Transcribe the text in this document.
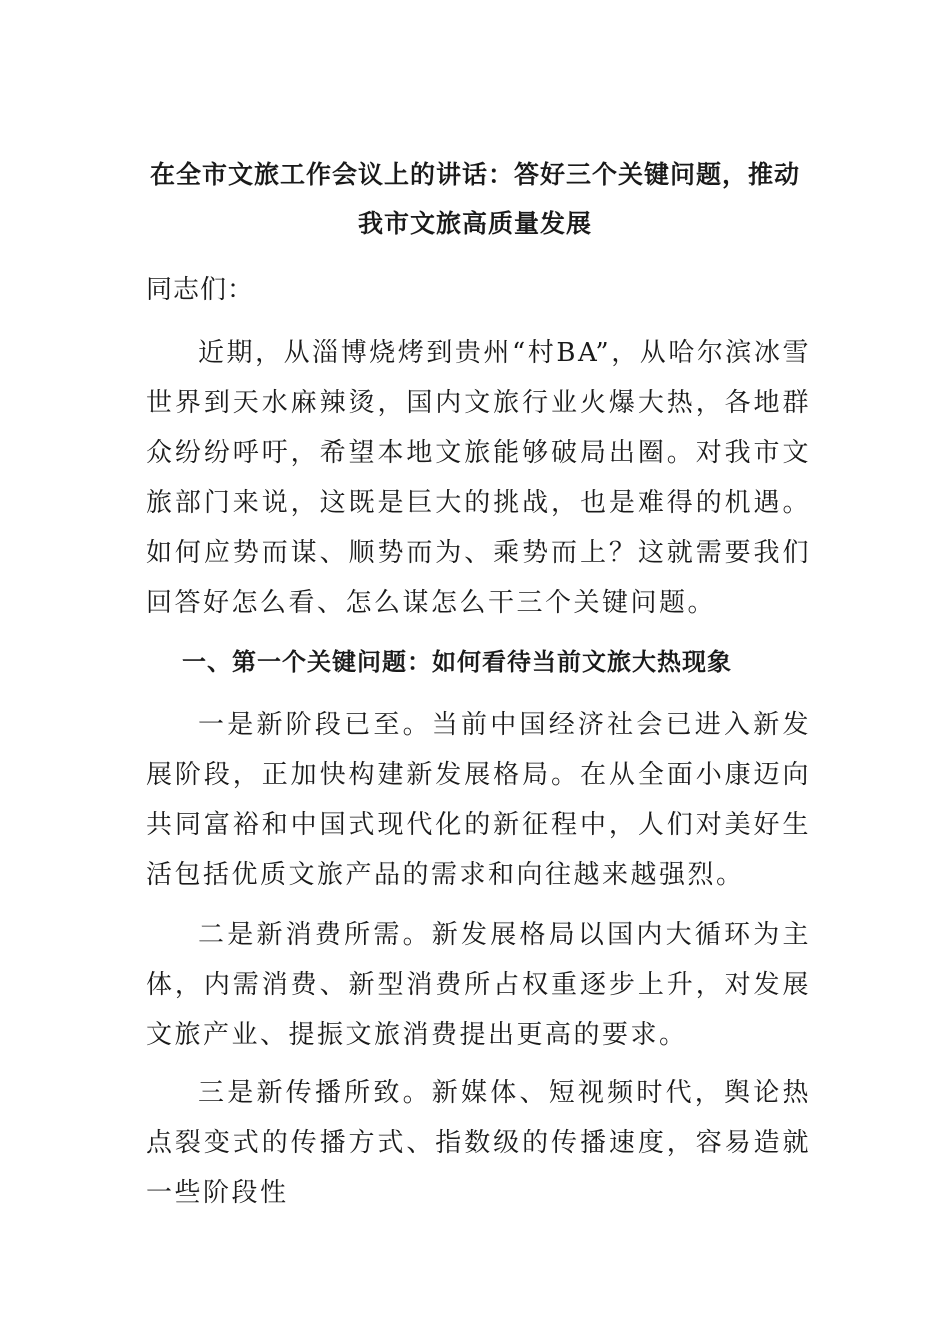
在全市文旅工作会议上的讲话：答好三个关键问题，推动
我市文旅高质量发展

同志们：

近期，从淄博烧烤到贵州“村BA”，从哈尔滨冰雪世界到天水麻辣烫，国内文旅行业火爆大热，各地群众纷纷呼吁，希望本地文旅能够破局出圈。对我市文旅部门来说，这既是巨大的挑战，也是难得的机遇。如何应势而谋、顺势而为、乘势而上？这就需要我们回答好怎么看、怎么谋怎么干三个关键问题。

一、第一个关键问题：如何看待当前文旅大热现象

一是新阶段已至。当前中国经济社会已进入新发展阶段，正加快构建新发展格局。在从全面小康迈向共同富裕和中国式现代化的新征程中，人们对美好生活包括优质文旅产品的需求和向往越来越强烈。

二是新消费所需。新发展格局以国内大循环为主体，内需消费、新型消费所占权重逐步上升，对发展文旅产业、提振文旅消费提出更高的要求。

三是新传播所致。新媒体、短视频时代，舆论热点裂变式的传播方式、指数级的传播速度，容易造就一些阶段性
